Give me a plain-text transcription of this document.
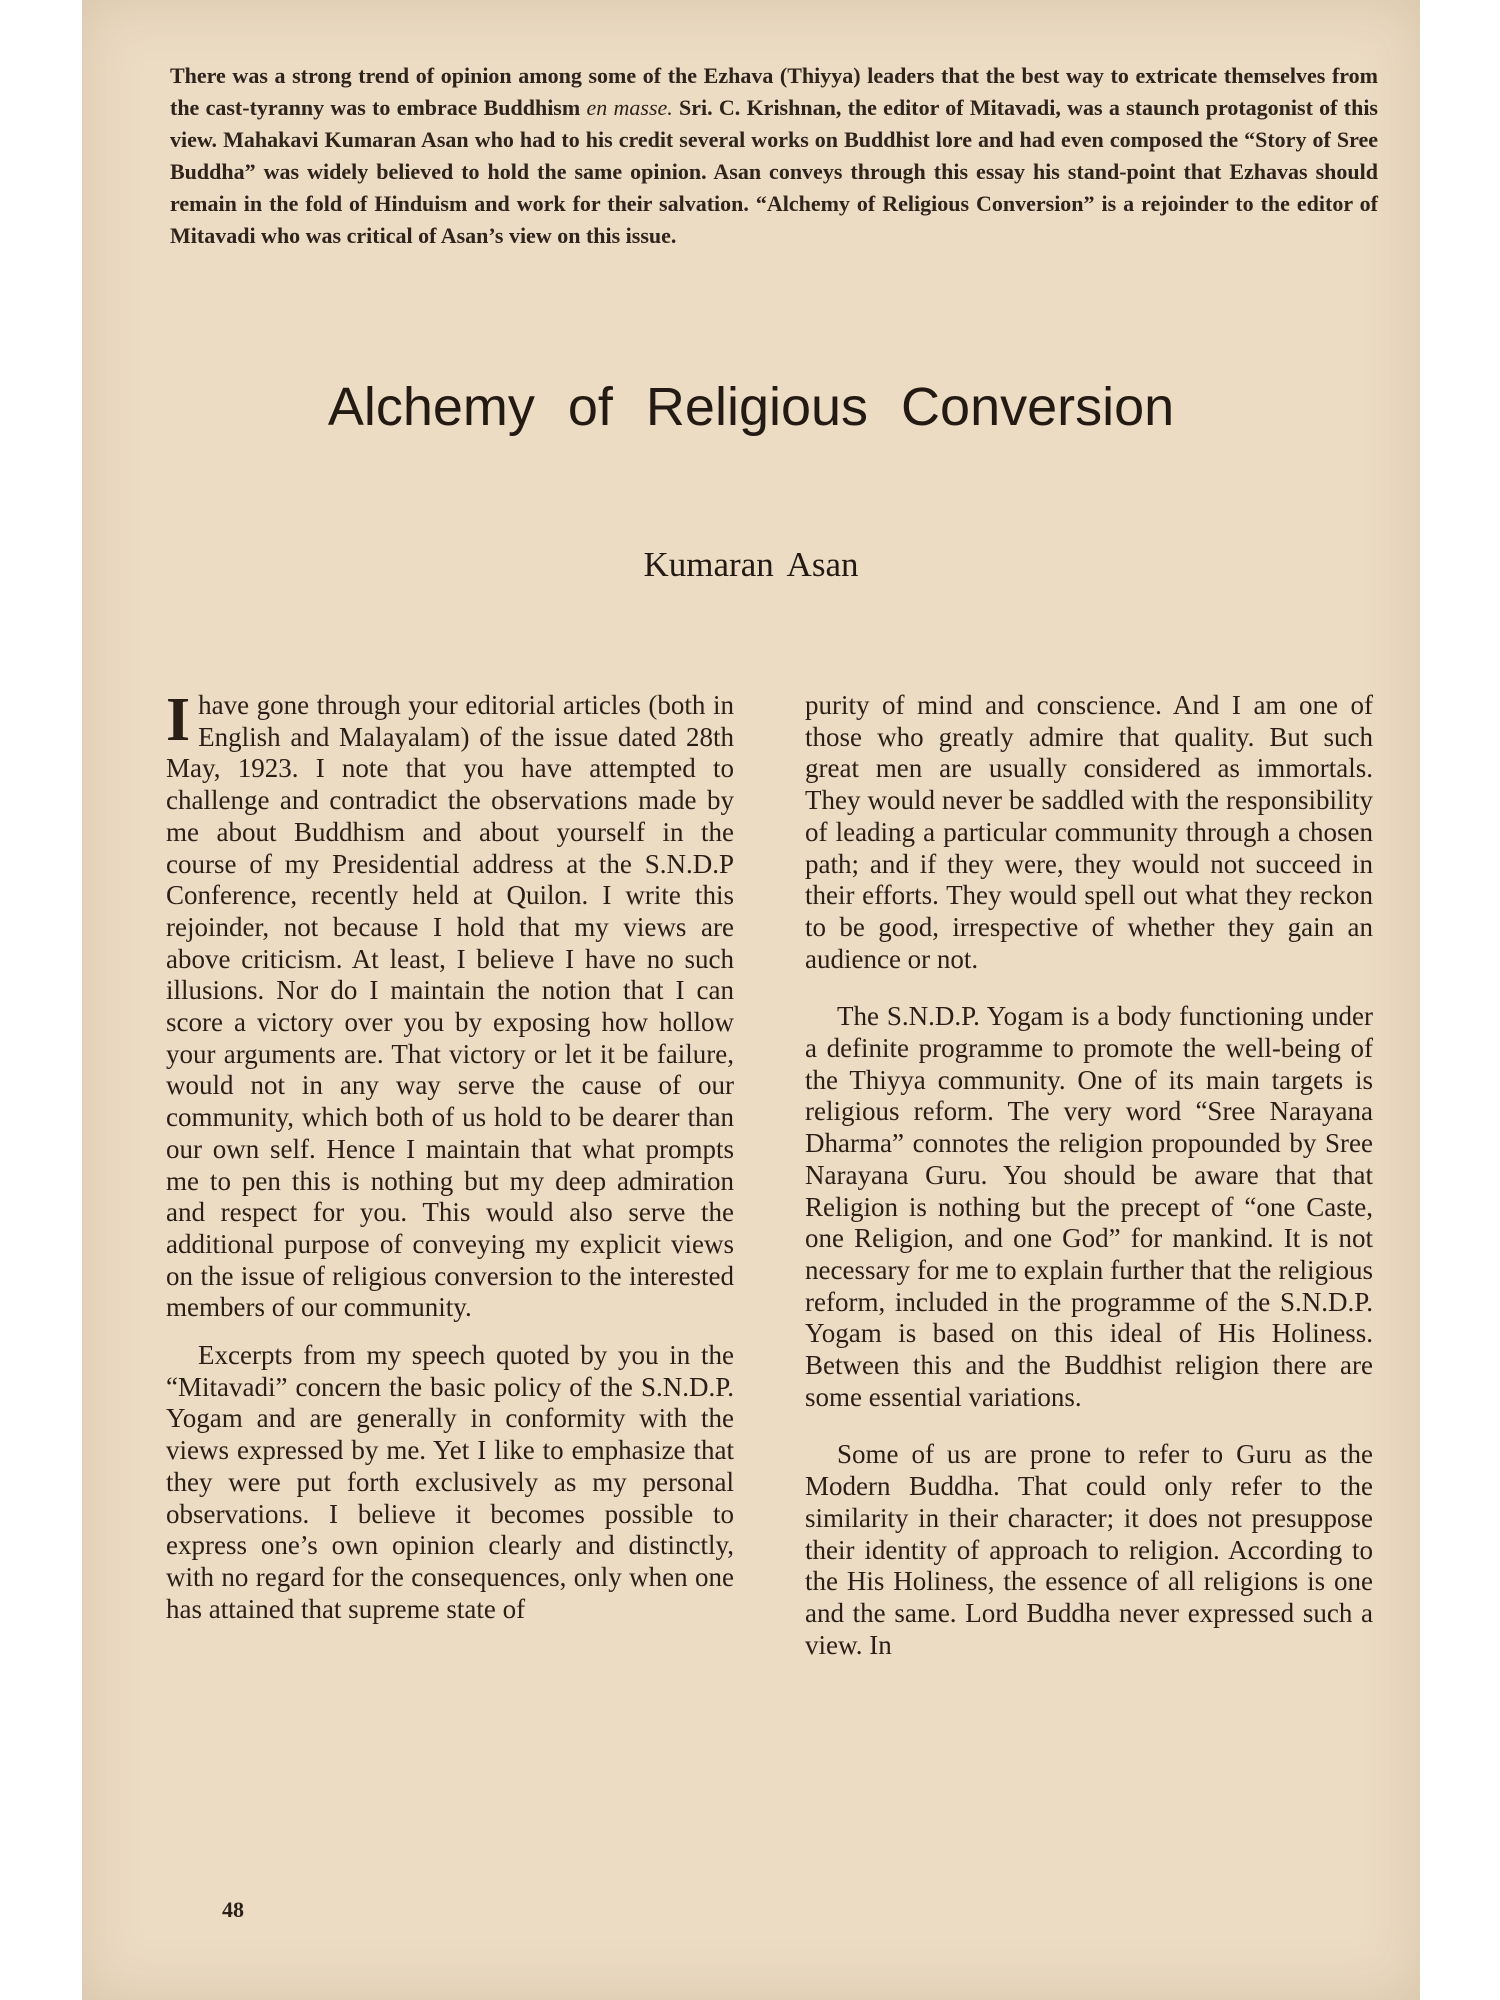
There was a strong trend of opinion among some of the Ezhava (Thiyya) leaders that the best way to extricate themselves from the cast-tyranny was to embrace Buddhism en masse. Sri. C. Krishnan, the editor of Mitavadi, was a staunch protagonist of this view. Mahakavi Kumaran Asan who had to his credit several works on Buddhist lore and had even composed the “Story of Sree Buddha” was widely believed to hold the same opinion. Asan conveys through this essay his stand-point that Ezhavas should remain in the fold of Hinduism and work for their salvation. “Alchemy of Religious Conversion” is a rejoinder to the editor of Mitavadi who was critical of Asan’s view on this issue.
Alchemy of Religious Conversion
Kumaran Asan

Ihave gone through your editorial articles (both in English and Malayalam) of the issue dated 28th May, 1923. I note that you have attempted to challenge and contradict the observations made by me about Buddhism and about yourself in the course of my Presidential address at the S.N.D.P Conference, recently held at Quilon. I write this rejoinder, not because I hold that my views are above criticism. At least, I believe I have no such illusions. Nor do I maintain the notion that I can score a victory over you by exposing how hollow your arguments are. That victory or let it be failure, would not in any way serve the cause of our community, which both of us hold to be dearer than our own self. Hence I maintain that what prompts me to pen this is nothing but my deep admiration and respect for you. This would also serve the additional purpose of conveying my explicit views on the issue of religious conversion to the interested members of our community.

Excerpts from my speech quoted by you in the “Mitavadi” concern the basic policy of the S.N.D.P. Yogam and are generally in conformity with the views expressed by me. Yet I like to emphasize that they were put forth exclusively as my personal observations. I believe it becomes possible to express one’s own opinion clearly and distinctly, with no regard for the consequences, only when one has attained that supreme state of

purity of mind and conscience. And I am one of those who greatly admire that quality. But such great men are usually considered as immortals. They would never be saddled with the responsibility of leading a particular community through a chosen path; and if they were, they would not succeed in their efforts. They would spell out what they reckon to be good, irrespective of whether they gain an audience or not.

The S.N.D.P. Yogam is a body functioning under a definite programme to promote the well-being of the Thiyya community. One of its main targets is religious reform. The very word “Sree Narayana Dharma” connotes the religion propounded by Sree Narayana Guru. You should be aware that that Religion is nothing but the precept of “one Caste, one Religion, and one God” for mankind. It is not necessary for me to explain further that the religious reform, included in the programme of the S.N.D.P. Yogam is based on this ideal of His Holiness. Between this and the Buddhist religion there are some essential variations.

Some of us are prone to refer to Guru as the Modern Buddha. That could only refer to the similarity in their character; it does not presuppose their identity of approach to religion. According to the His Holiness, the essence of all religions is one and the same. Lord Buddha never expressed such a view. In

48
